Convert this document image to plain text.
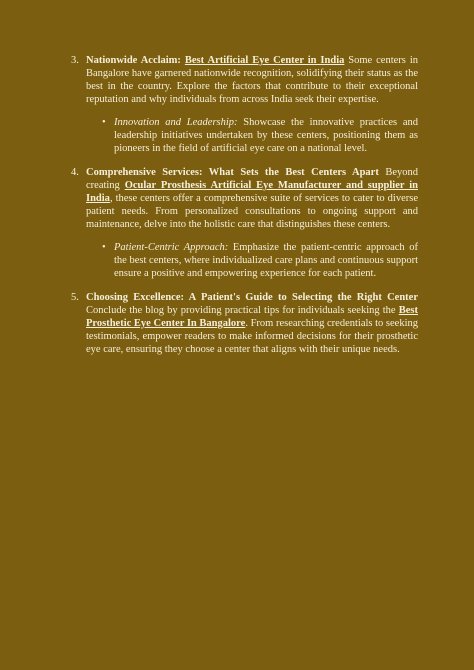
3. Nationwide Acclaim: Best Artificial Eye Center in India Some centers in Bangalore have garnered nationwide recognition, solidifying their status as the best in the country. Explore the factors that contribute to their exceptional reputation and why individuals from across India seek their expertise.
• Innovation and Leadership: Showcase the innovative practices and leadership initiatives undertaken by these centers, positioning them as pioneers in the field of artificial eye care on a national level.
4. Comprehensive Services: What Sets the Best Centers Apart Beyond creating Ocular Prosthesis Artificial Eye Manufacturer and supplier in India, these centers offer a comprehensive suite of services to cater to diverse patient needs. From personalized consultations to ongoing support and maintenance, delve into the holistic care that distinguishes these centers.
• Patient-Centric Approach: Emphasize the patient-centric approach of the best centers, where individualized care plans and continuous support ensure a positive and empowering experience for each patient.
5. Choosing Excellence: A Patient's Guide to Selecting the Right Center Conclude the blog by providing practical tips for individuals seeking the Best Prosthetic Eye Center In Bangalore. From researching credentials to seeking testimonials, empower readers to make informed decisions for their prosthetic eye care, ensuring they choose a center that aligns with their unique needs.
